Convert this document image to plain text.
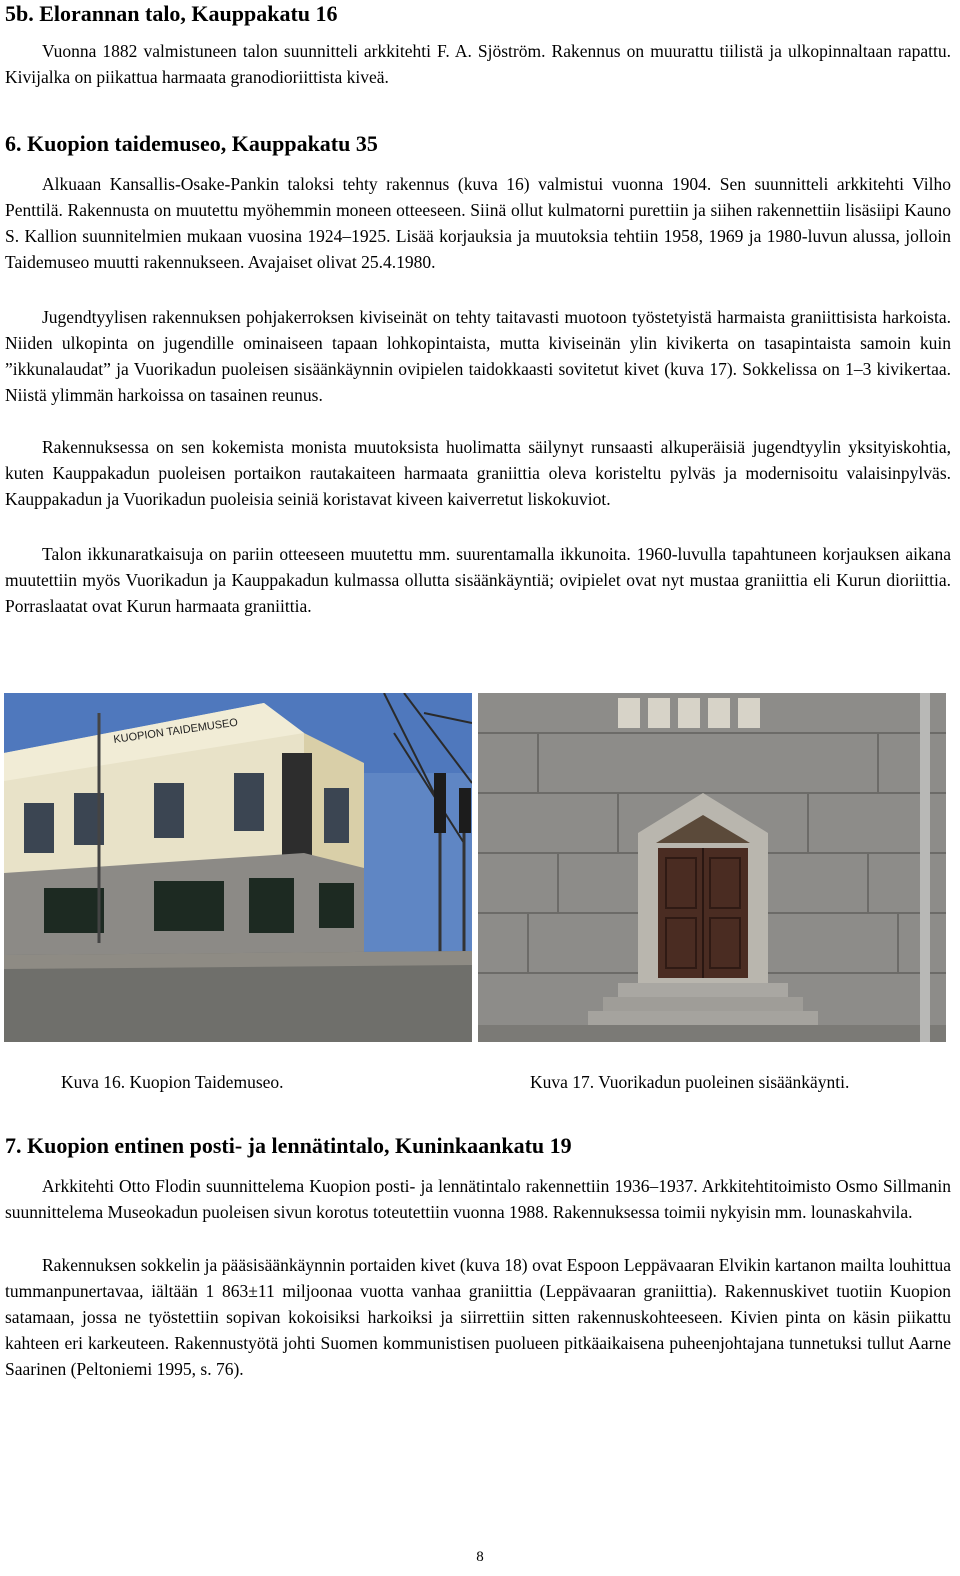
5b. Elorannan talo, Kauppakatu 16

Vuonna 1882 valmistuneen talon suunnitteli arkkitehti F. A. Sjöström. Rakennus on muurattu tiilistä ja ulkopinnaltaan rapattu. Kivijalka on piikattua harmaata granodioriittista kiveä.

6. Kuopion taidemuseo, Kauppakatu 35

Alkuaan Kansallis-Osake-Pankin taloksi tehty rakennus (kuva 16) valmistui vuonna 1904. Sen suunnitteli arkkitehti Vilho Penttilä. Rakennusta on muutettu myöhemmin moneen otteeseen. Siinä ollut kulmatorni purettiin ja siihen rakennettiin lisäsiipi Kauno S. Kallion suunnitelmien mukaan vuosina 1924–1925. Lisää korjauksia ja muutoksia tehtiin 1958, 1969 ja 1980-luvun alussa, jolloin Taidemuseo muutti rakennukseen. Avajaiset olivat 25.4.1980.

Jugendtyylisen rakennuksen pohjakerroksen kiviseinät on tehty taitavasti muotoon työstetyistä harmaista graniittisista harkoista. Niiden ulkopinta on jugendille ominaiseen tapaan lohkopintaista, mutta kiviseinän ylin kivikerta on tasapintaista samoin kuin ”ikkunalaudat” ja Vuorikadun puoleisen sisäänkäynnin ovipielen taidokkaasti sovitetut kivet (kuva 17). Sokkelissa on 1–3 kivikertaa. Niistä ylimmän harkoissa on tasainen reunus.

Rakennuksessa on sen kokemista monista muutoksista huolimatta säilynyt runsaasti alkuperäisiä jugendtyylin yksityiskohtia, kuten Kauppakadun puoleisen portaikon rautakaiteen harmaata graniittia oleva koristeltu pylväs ja modernisoitu valaisinpylväs. Kauppakadun ja Vuorikadun puoleisia seiniä koristavat kiveen kaiverretut liskokuviot.

Talon ikkunaratkaisuja on pariin otteeseen muutettu mm. suurentamalla ikkunoita. 1960-luvulla tapahtuneen korjauksen aikana muutettiin myös Vuorikadun ja Kauppakadun kulmassa ollutta sisäänkäyntiä; ovipielet ovat nyt mustaa graniittia eli Kurun dioriittia. Porraslaatat ovat Kurun harmaata graniittia.

KUOPION TAIDEMUSEO
Kuva 16. Kuopion Taidemuseo.	Kuva 17. Vuorikadun puoleinen sisäänkäynti.
7. Kuopion entinen posti- ja lennätintalo, Kuninkaankatu 19

Arkkitehti Otto Flodin suunnittelema Kuopion posti- ja lennätintalo rakennettiin 1936–1937. Arkkitehtitoimisto Osmo Sillmanin suunnittelema Museokadun puoleisen sivun korotus toteutettiin vuonna 1988. Rakennuksessa toimii nykyisin mm. lounaskahvila.

Rakennuksen sokkelin ja pääsisäänkäynnin portaiden kivet (kuva 18) ovat Espoon Leppävaaran Elvikin kartanon mailta louhittua tummanpunertavaa, iältään 1 863±11 miljoonaa vuotta vanhaa graniittia (Leppävaaran graniittia). Rakennuskivet tuotiin Kuopion satamaan, jossa ne työstettiin sopivan kokoisiksi harkoiksi ja siirrettiin sitten rakennuskohteeseen. Kivien pinta on käsin piikattu kahteen eri karkeuteen. Rakennustyötä johti Suomen kommunistisen puolueen pitkäaikaisena puheenjohtajana tunnetuksi tullut Aarne Saarinen (Peltoniemi 1995, s. 76).

8
